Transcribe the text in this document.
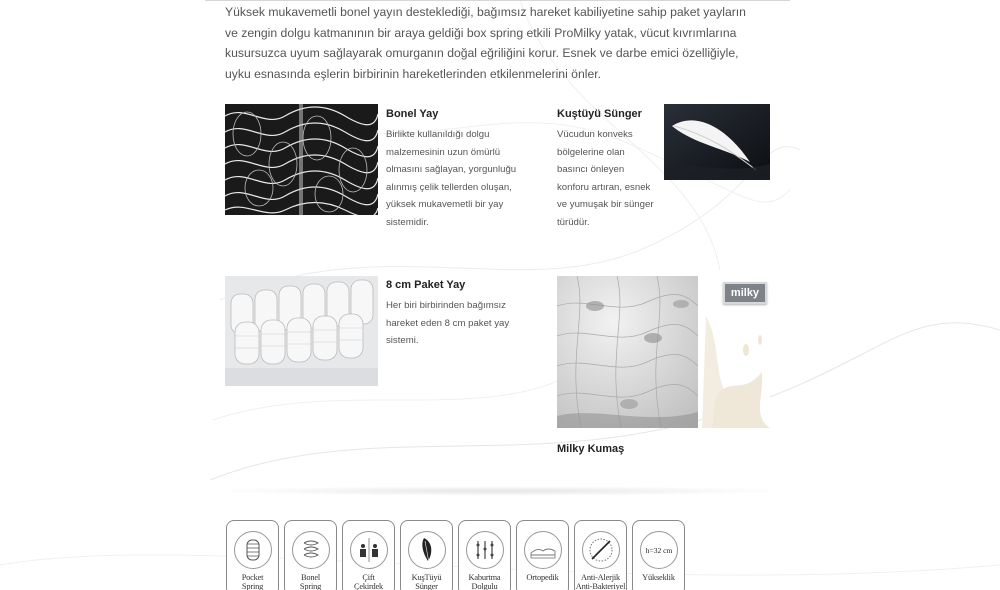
Yüksek mukavemetli bonel yayın desteklediği, bağımsız hareket kabiliyetine sahip paket yayların
ve zengin dolgu katmanının bir araya geldiği box spring etkili ProMilky yatak, vücut kıvrımlarına
kusursuzca uyum sağlayarak omurganın doğal eğriliğini korur. Esnek ve darbe emici özelliğiyle,
uyku esnasında eşlerin birbirinin hareketlerinden etkilenmelerini önler.
Bonel Yay
Birlikte kullanıldığı dolgu
malzemesinin uzun ömürlü
olmasını sağlayan, yorgunluğu
alınmış çelik tellerden oluşan,
yüksek mukavemetli bir yay
sistemidir.
Kuştüyü Sünger
Vücudun konveks
bölgelerine olan
basıncı önleyen
konforu artıran, esnek
ve yumuşak bir sünger
türüdür.
8 cm Paket Yay
Her biri birbirinden bağımsız
hareket eden 8 cm paket yay
sistemi.
milky
Milky Kumaş
Pocket
Spring
Bonel
Spring
Çift
Çekirdek
KuşTüyü
Sünger
Kaburtma
Dolgulu
Ortopedik	Anti-Alerjik
Anti-Bakteriyel
h=32 cm
Yükseklik
